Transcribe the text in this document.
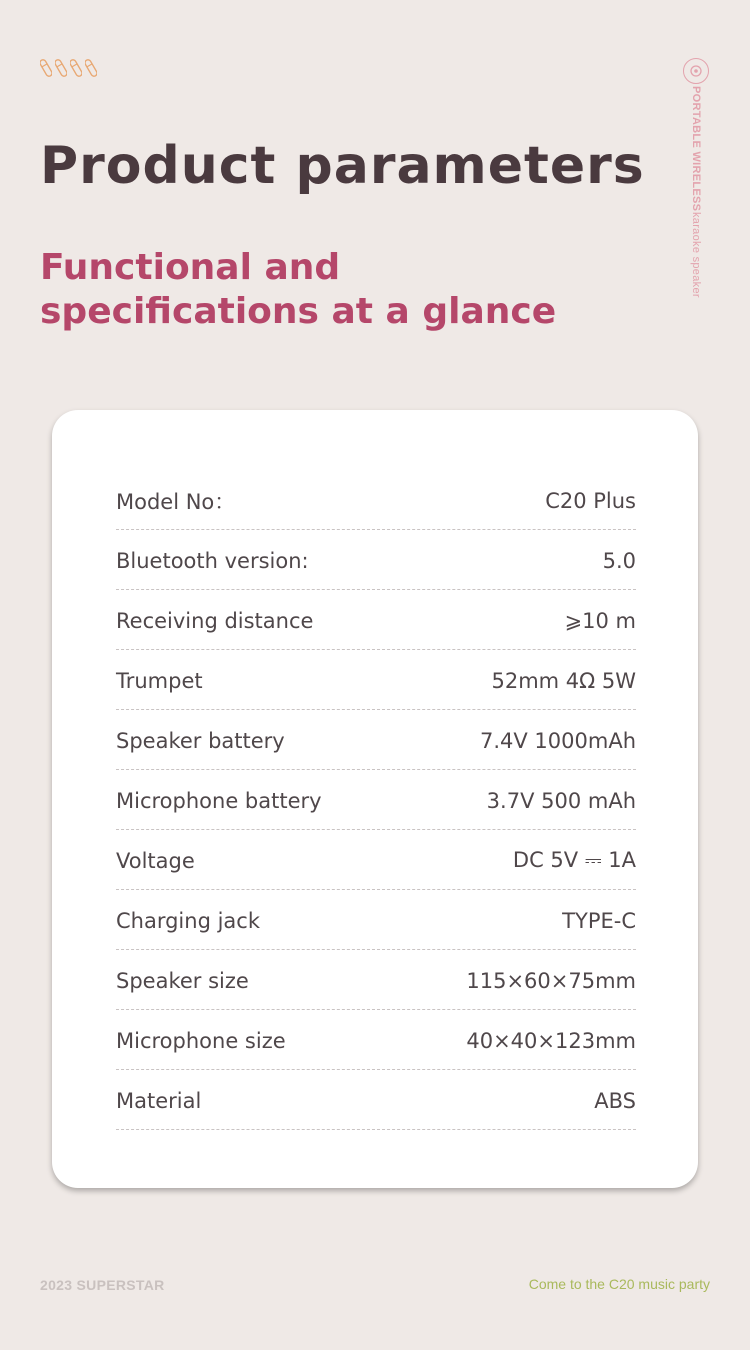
PORTABLE WIRELESS
karaoke speaker
Product parameters
Functional and specifications at a glance
Model No：	C20 Plus
Bluetooth version:	5.0
Receiving distance	⩾10 m
Trumpet	52mm 4Ω 5W
Speaker battery	7.4V 1000mAh
Microphone battery	3.7V 500 mAh
Voltage	DC 5V ⎓ 1A
Charging jack	TYPE-C
Speaker size	115×60×75mm
Microphone size	40×40×123mm
Material	ABS
2023 SUPERSTAR	Come to the C20 music party
